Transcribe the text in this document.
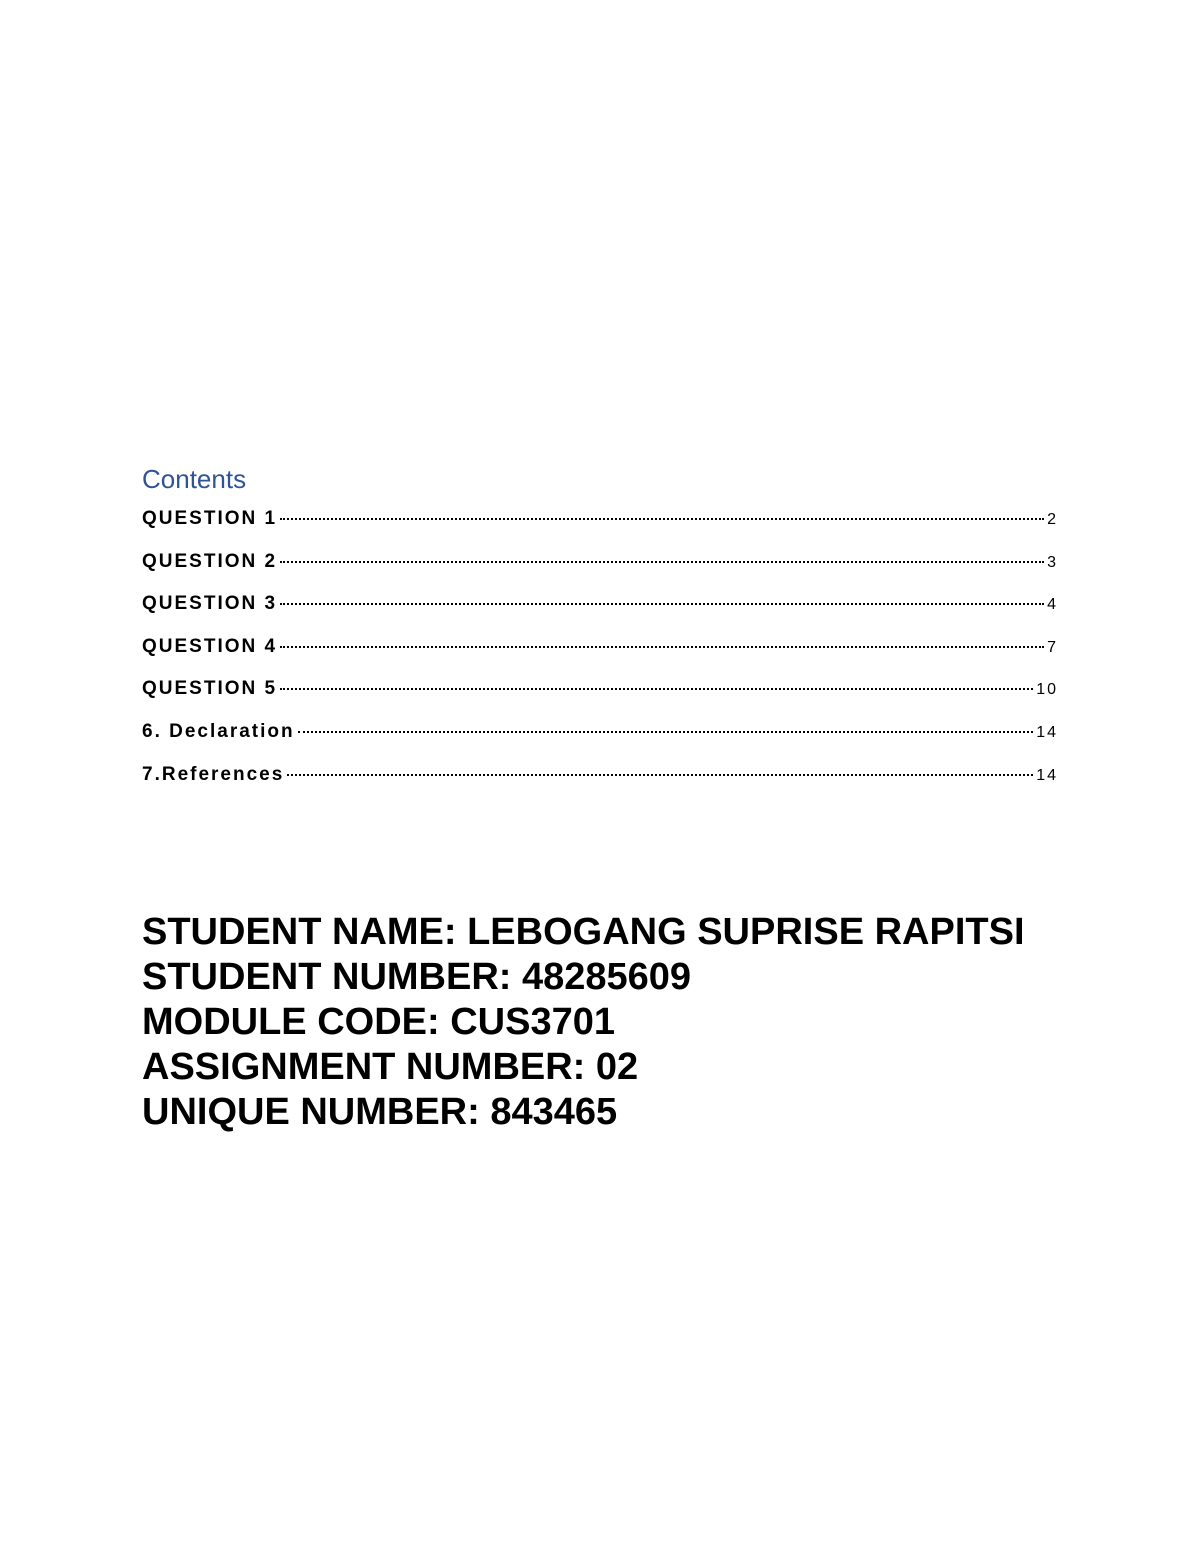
Contents
QUESTION 1	2
QUESTION 2	3
QUESTION 3	4
QUESTION 4	7
QUESTION 5	10
6. Declaration	14
7.References	14

STUDENT NAME: LEBOGANG SUPRISE RAPITSI

STUDENT NUMBER: 48285609

MODULE CODE: CUS3701

ASSIGNMENT NUMBER: 02

UNIQUE NUMBER: 843465
